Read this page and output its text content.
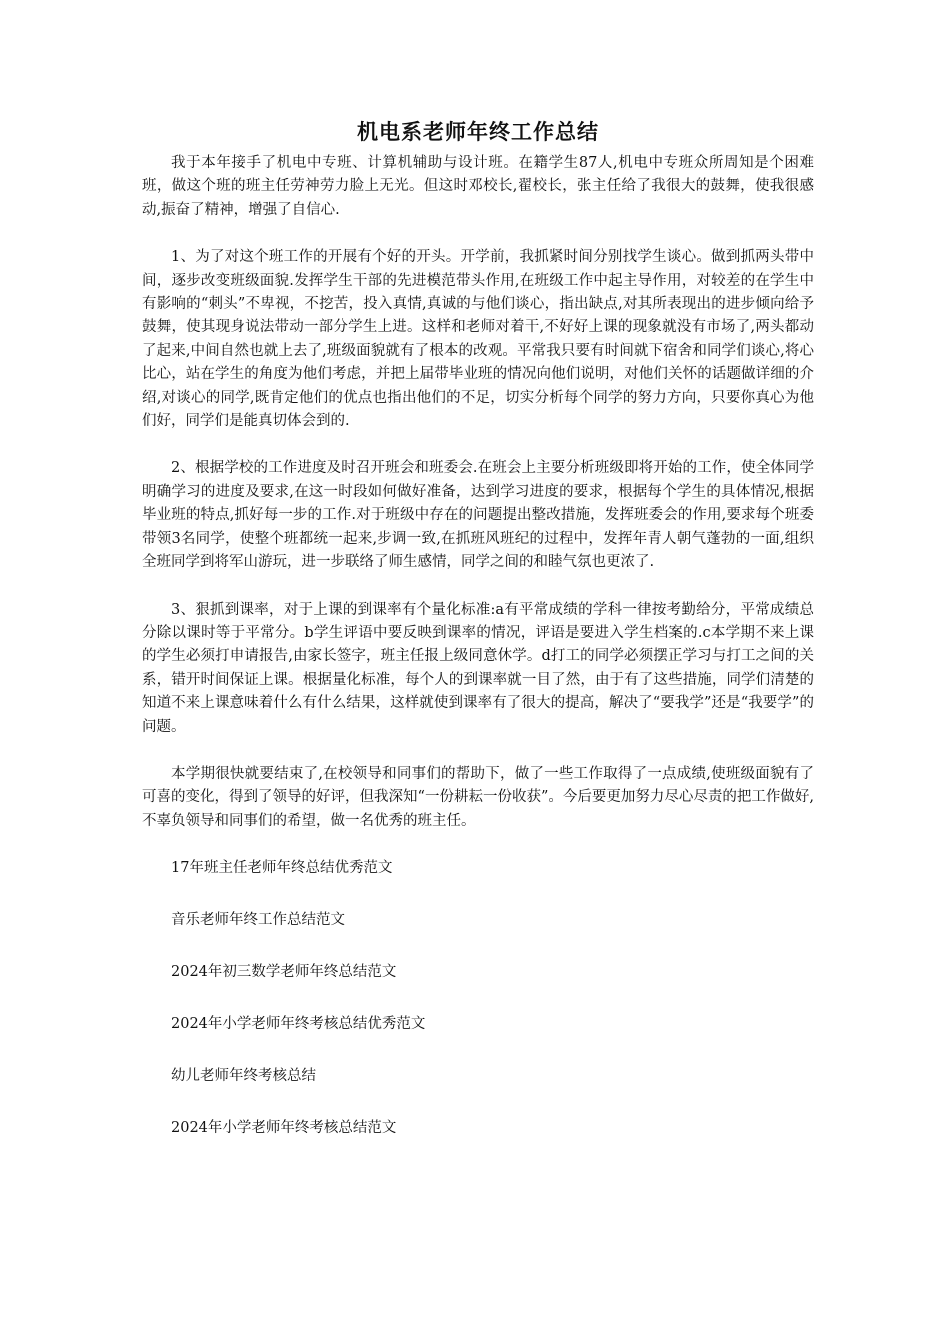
机电系老师年终工作总结

我于本年接手了机电中专班、计算机辅助与设计班。在籍学生87人,机电中专班众所周知是个困难班，做这个班的班主任劳神劳力脸上无光。但这时邓校长,翟校长，张主任给了我很大的鼓舞，使我很感动,振奋了精神，增强了自信心.

1、为了对这个班工作的开展有个好的开头。开学前，我抓紧时间分别找学生谈心。做到抓两头带中间，逐步改变班级面貌.发挥学生干部的先进模范带头作用,在班级工作中起主导作用，对较差的在学生中有影响的“刺头”不卑视，不挖苦，投入真情,真诚的与他们谈心，指出缺点,对其所表现出的进步倾向给予鼓舞，使其现身说法带动一部分学生上进。这样和老师对着干,不好好上课的现象就没有市场了,两头都动了起来,中间自然也就上去了,班级面貌就有了根本的改观。平常我只要有时间就下宿舍和同学们谈心,将心比心，站在学生的角度为他们考虑，并把上届带毕业班的情况向他们说明，对他们关怀的话题做详细的介绍,对谈心的同学,既肯定他们的优点也指出他们的不足，切实分析每个同学的努力方向，只要你真心为他们好，同学们是能真切体会到的.

2、根据学校的工作进度及时召开班会和班委会.在班会上主要分析班级即将开始的工作，使全体同学明确学习的进度及要求,在这一时段如何做好准备，达到学习进度的要求，根据每个学生的具体情况,根据毕业班的特点,抓好每一步的工作.对于班级中存在的问题提出整改措施，发挥班委会的作用,要求每个班委带领3名同学，使整个班都统一起来,步调一致,在抓班风班纪的过程中，发挥年青人朝气蓬勃的一面,组织全班同学到将军山游玩，进一步联络了师生感情，同学之间的和睦气氛也更浓了.

3、狠抓到课率，对于上课的到课率有个量化标准:a有平常成绩的学科一律按考勤给分，平常成绩总分除以课时等于平常分。b学生评语中要反映到课率的情况，评语是要进入学生档案的.c本学期不来上课的学生必须打申请报告,由家长签字，班主任报上级同意休学。d打工的同学必须摆正学习与打工之间的关系，错开时间保证上课。根据量化标准，每个人的到课率就一目了然，由于有了这些措施，同学们清楚的知道不来上课意味着什么有什么结果，这样就使到课率有了很大的提高，解决了“要我学”还是“我要学”的问题。

本学期很快就要结束了,在校领导和同事们的帮助下，做了一些工作取得了一点成绩,使班级面貌有了可喜的变化，得到了领导的好评，但我深知“一份耕耘一份收获”。今后要更加努力尽心尽责的把工作做好,不辜负领导和同事们的希望，做一名优秀的班主任。

17年班主任老师年终总结优秀范文
音乐老师年终工作总结范文
2024年初三数学老师年终总结范文
2024年小学老师年终考核总结优秀范文
幼儿老师年终考核总结
2024年小学老师年终考核总结范文
